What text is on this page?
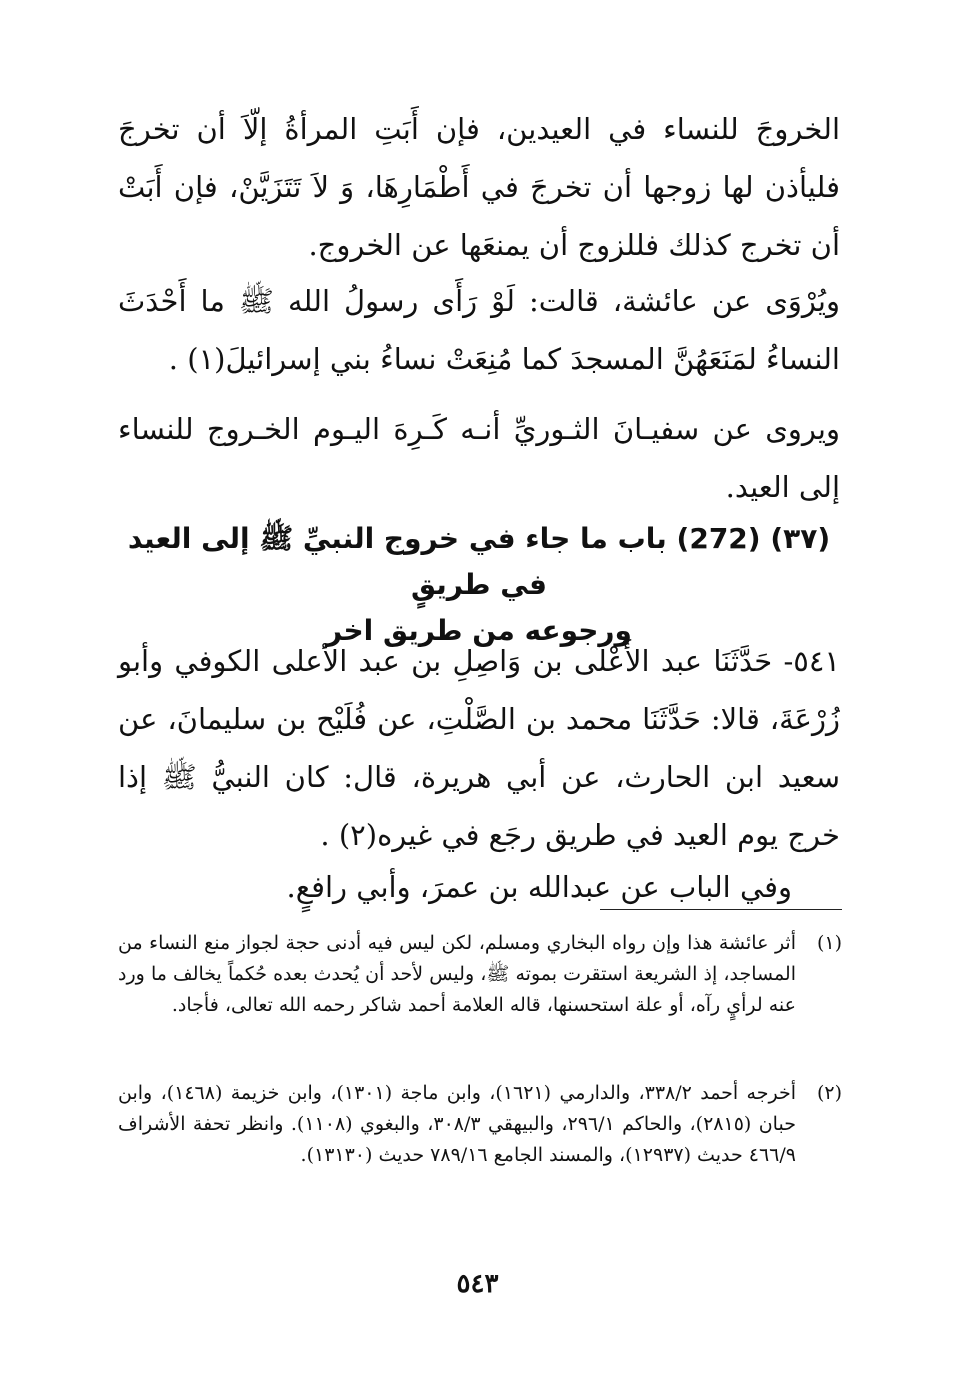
الخروجَ للنساء في العيدين، فإن أَبَتِ المرأةُ إلّاَ أن تخرجَ فليأذن لها زوجها أن تخرجَ في أَطْمَارِهَا، وَ لاَ تَتَزَيَّنْ، فإن أَبَتْ أن تخرج كذلك فللزوج أن يمنعَها عن الخروج.

ويُرْوَى عن عائشة، قالت: لَوْ رَأَى رسولُ الله ﷺ ما أَحْدَثَ النساءُ لمَنَعَهُنَّ المسجدَ كما مُنِعَتْ نساءُ بني إسرائيلَ(١) .

ويروى عن سفيـانَ الثـوريِّ أنـه كَـرِهَ اليـوم الخـروج للنساء إلى العيد.

(٣٧) (272) باب ما جاء في خروج النبيِّ ﷺ إلى العيد في طريقٍ
ورجوعه من طريق اخر

٥٤١- حَدَّثَنَا عبد الأَعْلَى بن وَاصِلِ بن عبد الأعلى الكوفي وأبو زُرْعَةَ، قالا: حَدَّثَنَا محمد بن الصَّلْتِ، عن فُلَيْح بن سليمانَ، عن سعيد ابن الحارث، عن أبي هريرة، قال: كان النبيُّ ﷺ إذا خرج يوم العيد في طريق رجَع في غيره(٢) .

وفي الباب عن عبدالله بن عمرَ، وأبي رافعٍ.

(١)
أثر عائشة هذا وإن رواه البخاري ومسلم، لكن ليس فيه أدنى حجة لجواز منع النساء من المساجد، إذ الشريعة استقرت بموته ﷺ، وليس لأحد أن يُحدث بعده حُكماً يخالف ما ورد عنه لرأيٍ رآه، أو علة استحسنها، قاله العلامة أحمد شاكر رحمه الله تعالى، فأجاد.
(٢)
أخرجه أحمد ٣٣٨/٢، والدارمي (١٦٢١)، وابن ماجة (١٣٠١)، وابن خزيمة (١٤٦٨)، وابن حبان (٢٨١٥)، والحاكم ٢٩٦/١، والبيهقي ٣٠٨/٣، والبغوي (١١٠٨). وانظر تحفة الأشراف ٤٦٦/٩ حديث (١٢٩٣٧)، والمسند الجامع ٧٨٩/١٦ حديث (١٣١٣٠).
٥٤٣
